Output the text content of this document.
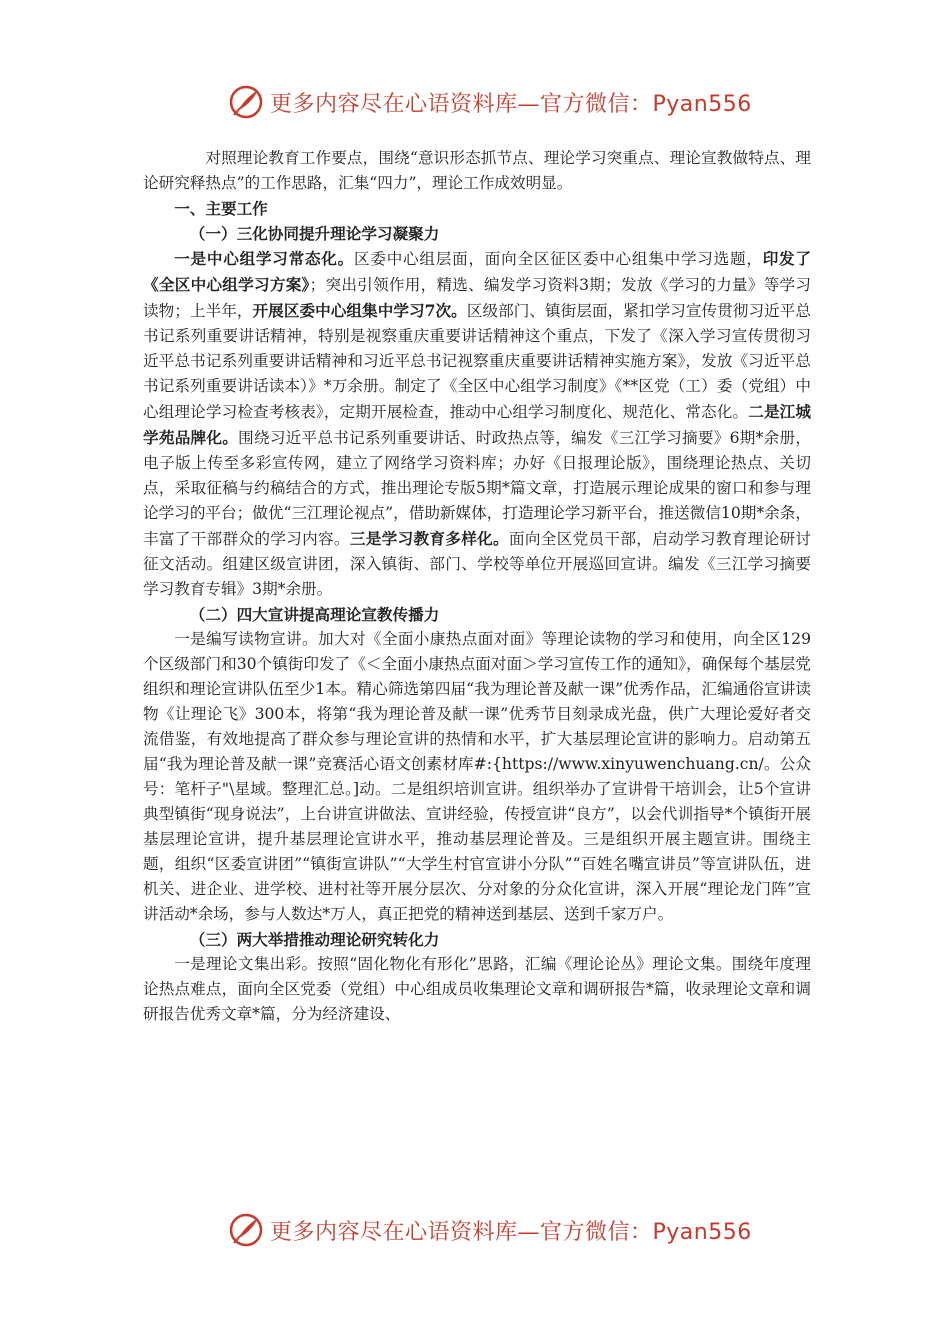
更多内容尽在心语资料库—官方微信：Pyan556

对照理论教育工作要点，围绕“意识形态抓节点、理论学习突重点、理论宣教做特点、理论研究释热点”的工作思路，汇集“四力”，理论工作成效明显。

一、主要工作

（一）三化协同提升理论学习凝聚力

一是中心组学习常态化。区委中心组层面，面向全区征区委中心组集中学习选题，印发了《全区中心组学习方案》；突出引领作用，精选、编发学习资料3期；发放《学习的力量》等学习读物；上半年，开展区委中心组集中学习7次。区级部门、镇街层面，紧扣学习宣传贯彻习近平总书记系列重要讲话精神，特别是视察重庆重要讲话精神这个重点，下发了《深入学习宣传贯彻习近平总书记系列重要讲话精神和习近平总书记视察重庆重要讲话精神实施方案》，发放《习近平总书记系列重要讲话读本）》*万余册。制定了《全区中心组学习制度》《**区党（工）委（党组）中心组理论学习检查考核表》，定期开展检查，推动中心组学习制度化、规范化、常态化。二是江城学苑品牌化。围绕习近平总书记系列重要讲话、时政热点等，编发《三江学习摘要》6期*余册，电子版上传至多彩宣传网，建立了网络学习资料库；办好《日报理论版》，围绕理论热点、关切点，采取征稿与约稿结合的方式，推出理论专版5期*篇文章，打造展示理论成果的窗口和参与理论学习的平台；做优“三江理论视点”，借助新媒体，打造理论学习新平台，推送微信10期*余条，丰富了干部群众的学习内容。三是学习教育多样化。面向全区党员干部，启动学习教育理论研讨征文活动。组建区级宣讲团，深入镇街、部门、学校等单位开展巡回宣讲。编发《三江学习摘要学习教育专辑》3期*余册。

（二）四大宣讲提高理论宣教传播力

一是编写读物宣讲。加大对《全面小康热点面对面》等理论读物的学习和使用，向全区129个区级部门和30个镇街印发了《＜全面小康热点面对面＞学习宣传工作的通知》，确保每个基层党组织和理论宣讲队伍至少1本。精心筛选第四届“我为理论普及献一课”优秀作品，汇编通俗宣讲读物《让理论飞》300本，将第“我为理论普及献一课”优秀节目刻录成光盘，供广大理论爱好者交流借鉴，有效地提高了群众参与理论宣讲的热情和水平，扩大基层理论宣讲的影响力。启动第五届“我为理论普及献一课”竞赛活心语文创素材库#:{https://www.xinyuwenchuang.cn/。公众号：笔杆子"\星域。整理汇总。]动。二是组织培训宣讲。组织举办了宣讲骨干培训会，让5个宣讲典型镇街“现身说法”，上台讲宣讲做法、宣讲经验，传授宣讲“良方”，以会代训指导*个镇街开展基层理论宣讲，提升基层理论宣讲水平，推动基层理论普及。三是组织开展主题宣讲。围绕主题，组织“区委宣讲团”“镇街宣讲队”“大学生村官宣讲小分队”“百姓名嘴宣讲员”等宣讲队伍，进机关、进企业、进学校、进村社等开展分层次、分对象的分众化宣讲，深入开展“理论龙门阵”宣讲活动*余场，参与人数达*万人，真正把党的精神送到基层、送到千家万户。

（三）两大举措推动理论研究转化力

一是理论文集出彩。按照“固化物化有形化”思路，汇编《理论论丛》理论文集。围绕年度理论热点难点，面向全区党委（党组）中心组成员收集理论文章和调研报告*篇，收录理论文章和调研报告优秀文章*篇，分为经济建设、

更多内容尽在心语资料库—官方微信：Pyan556
